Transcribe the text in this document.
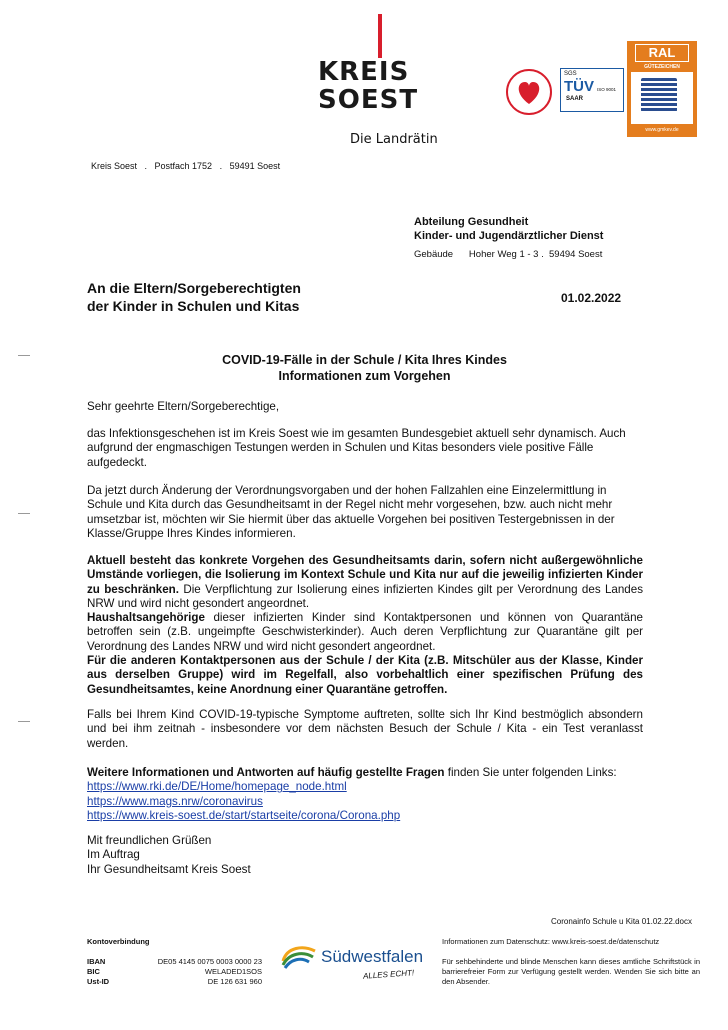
KREIS
SOEST
Die Landrätin
SGS
TÜV
SAAR
ISO 9001
RAL
GÜTEZEICHEN
www.gmkev.de
Kreis Soest   .   Postfach 1752   .   59491 Soest
Abteilung Gesundheit
Kinder- und Jugendärztlicher Dienst
Gebäude      Hoher Weg 1 - 3 .  59494 Soest
An die Eltern/Sorgeberechtigten
der Kinder in Schulen und Kitas	01.02.2022
COVID-19-Fälle in der Schule / Kita Ihres Kindes
Informationen zum Vorgehen
Sehr geehrte Eltern/Sorgeberechtige,
das Infektionsgeschehen ist im Kreis Soest wie im gesamten Bundesgebiet aktuell sehr dynamisch. Auch aufgrund der engmaschigen Testungen werden in Schulen und Kitas besonders viele positive Fälle aufgedeckt.
Da jetzt durch Änderung der Verordnungsvorgaben und der hohen Fallzahlen eine Einzelermittlung in Schule und Kita durch das Gesundheitsamt in der Regel nicht mehr vorgesehen, bzw. auch nicht mehr umsetzbar ist, möchten wir Sie hiermit über das aktuelle Vorgehen bei positiven Testergebnissen in der Klasse/Gruppe Ihres Kindes informieren.
Aktuell besteht das konkrete Vorgehen des Gesundheitsamts darin, sofern nicht außergewöhnliche Umstände vorliegen, die Isolierung im Kontext Schule und Kita nur auf die jeweilig infizierten Kinder zu beschränken. Die Verpflichtung zur Isolierung eines infizierten Kindes gilt per Verordnung des Landes NRW und wird nicht gesondert angeordnet.
Haushaltsangehörige dieser infizierten Kinder sind Kontaktpersonen und können von Quarantäne betroffen sein (z.B. ungeimpfte Geschwisterkinder). Auch deren Verpflichtung zur Quarantäne gilt per Verordnung des Landes NRW und wird nicht gesondert angeordnet.
Für die anderen Kontaktpersonen aus der Schule / der Kita (z.B. Mitschüler aus der Klasse, Kinder aus derselben Gruppe) wird im Regelfall, also vorbehaltlich einer spezifischen Prüfung des Gesundheitsamtes, keine Anordnung einer Quarantäne getroffen.
Falls bei Ihrem Kind COVID-19-typische Symptome auftreten, sollte sich Ihr Kind bestmöglich absondern und bei ihm zeitnah - insbesondere vor dem nächsten Besuch der Schule / Kita - ein Test veranlasst werden.
Weitere Informationen und Antworten auf häufig gestellte Fragen finden Sie unter folgenden Links:
https://www.rki.de/DE/Home/homepage_node.html
https://www.mags.nrw/coronavirus
https://www.kreis-soest.de/start/startseite/corona/Corona.php
Mit freundlichen Grüßen
Im Auftrag
Ihr Gesundheitsamt Kreis Soest
Coronainfo Schule u Kita 01.02.22.docx
Kontoverbindung
IBAN	DE05 4145 0075 0003 0000 23
BIC	WELADED1SOS
Ust-ID	DE 126 631 960
Südwestfalen
ALLES ECHT!
Informationen zum Datenschutz: www.kreis-soest.de/datenschutz
Für sehbehinderte und blinde Menschen kann dieses amtliche Schriftstück in barrierefreier Form zur Verfügung gestellt werden. Wenden Sie sich bitte an den Absender.
